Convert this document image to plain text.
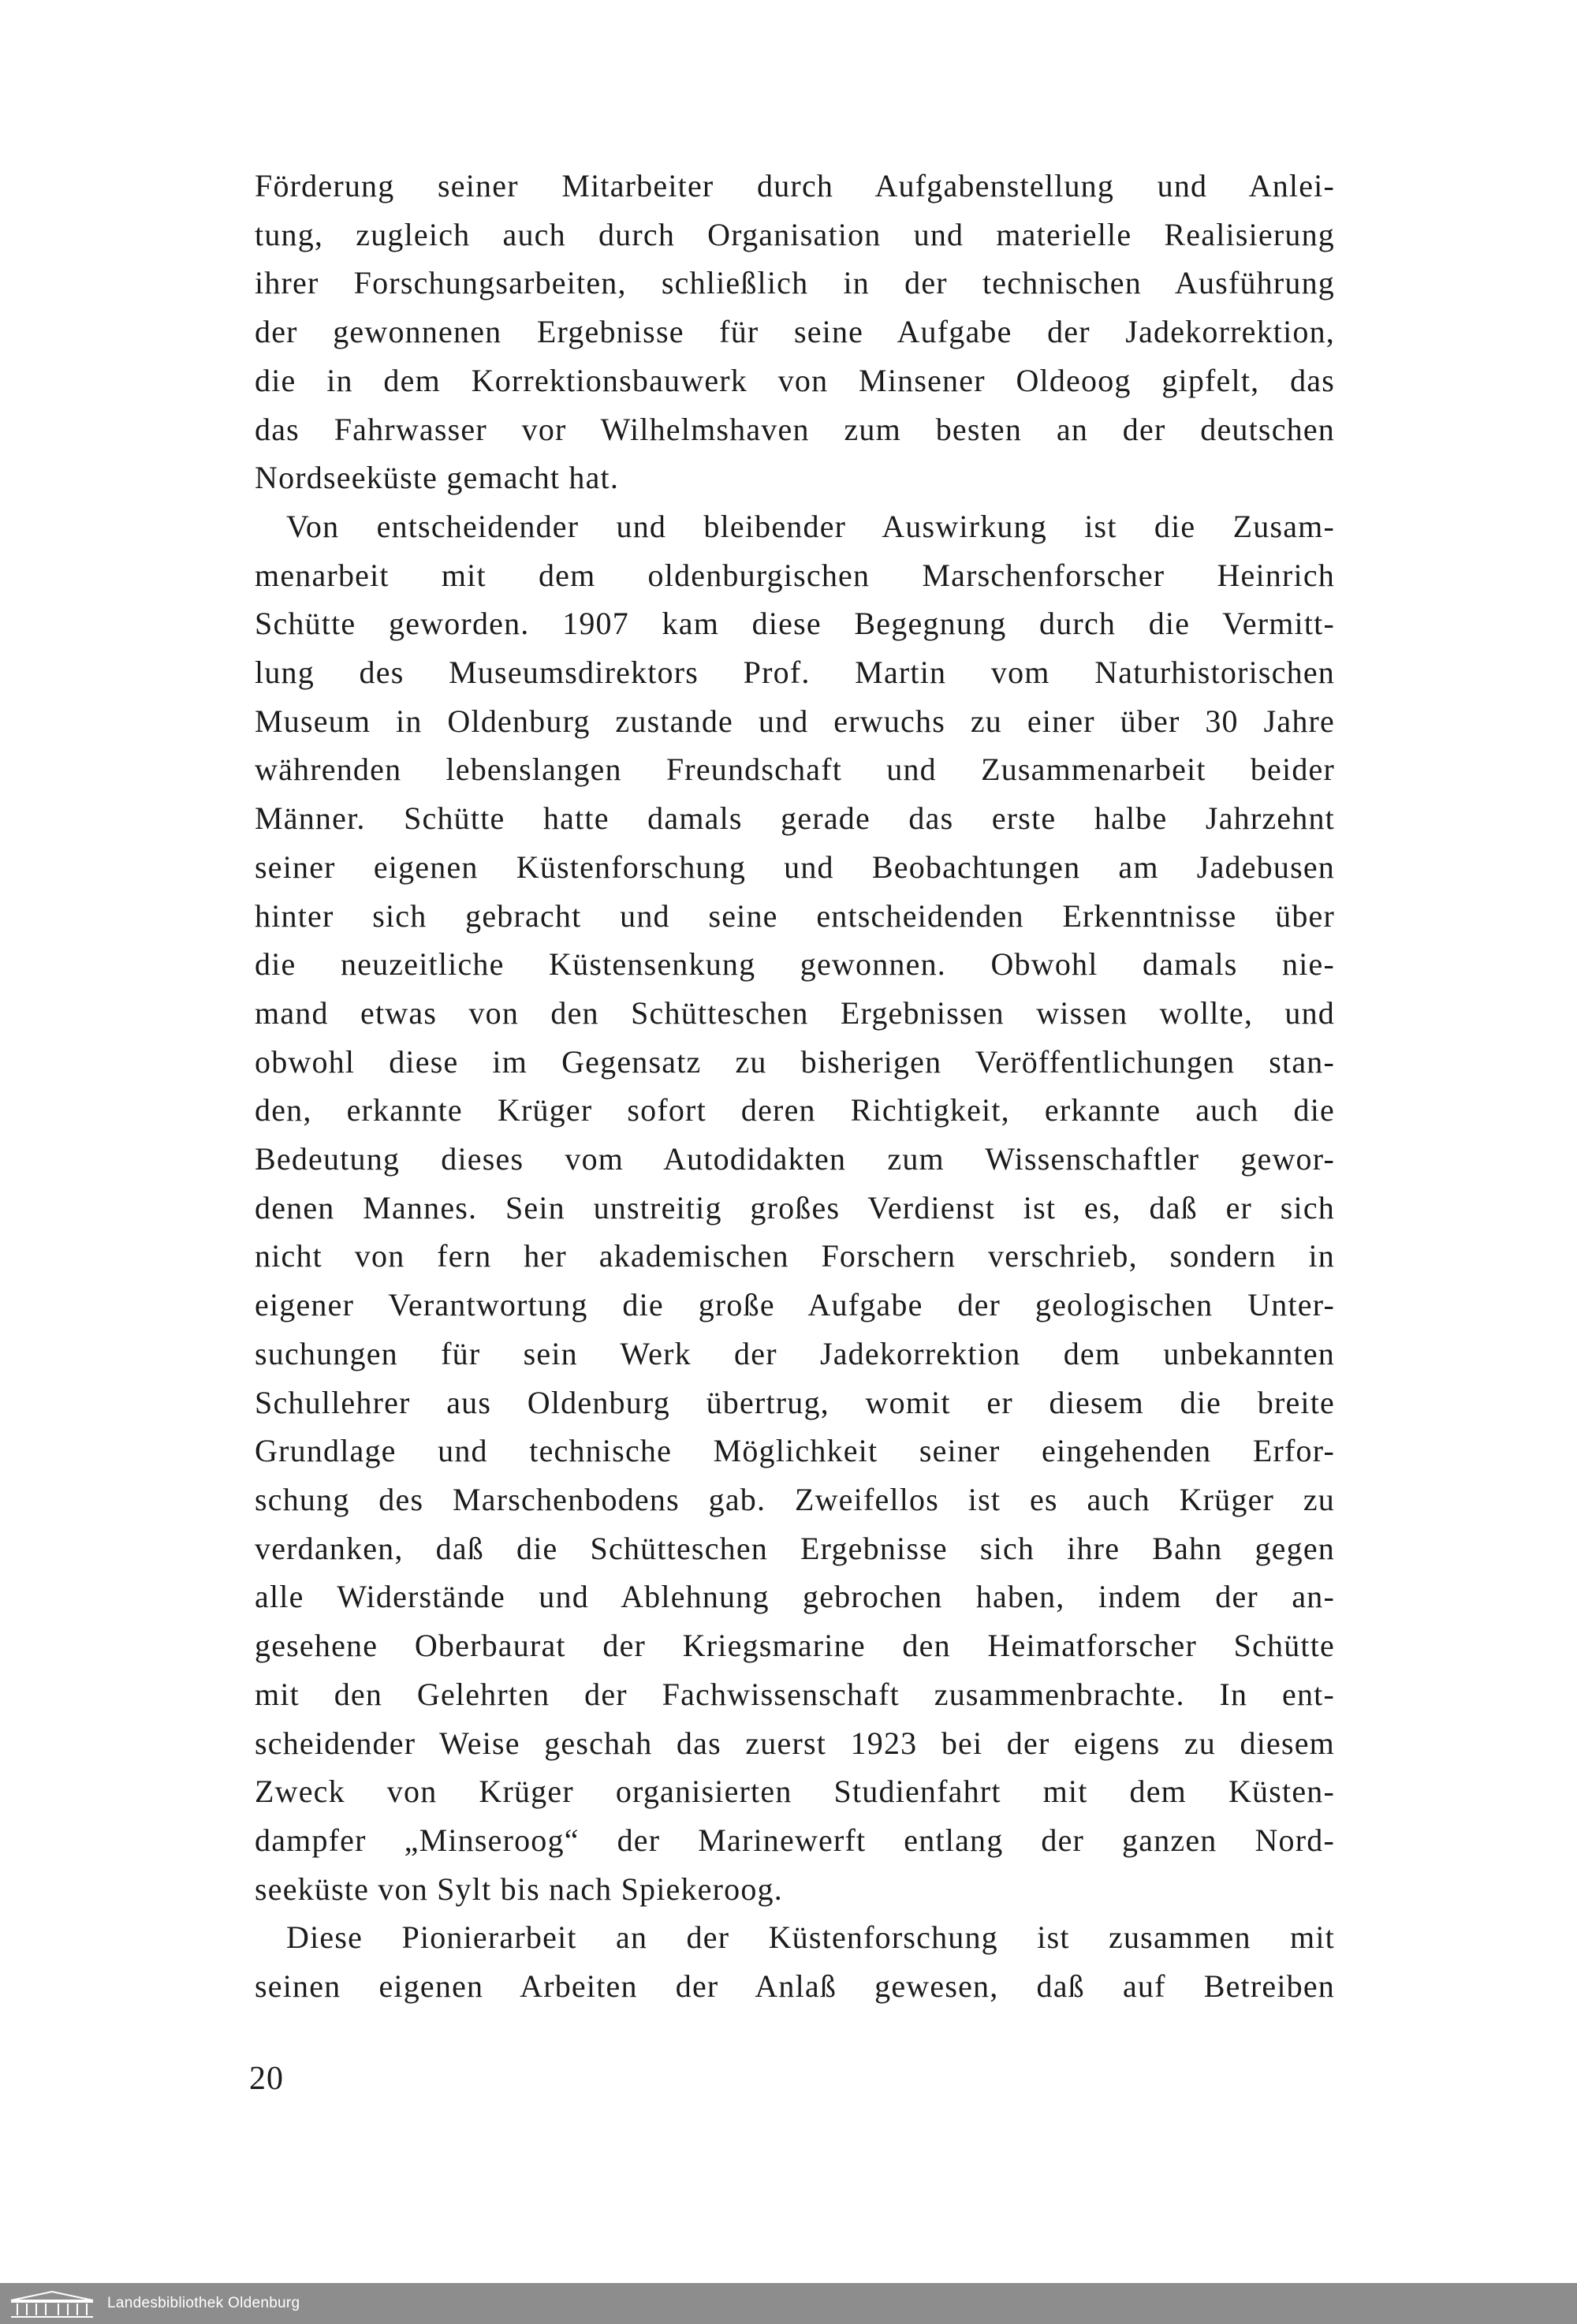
Förderung seiner Mitarbeiter durch Aufgabenstellung und Anlei-
tung, zugleich auch durch Organisation und materielle Realisierung
ihrer Forschungsarbeiten, schließlich in der technischen Ausführung
der gewonnenen Ergebnisse für seine Aufgabe der Jadekorrektion,
die in dem Korrektionsbauwerk von Minsener Oldeoog gipfelt, das
das Fahrwasser vor Wilhelmshaven zum besten an der deutschen
Nordseeküste gemacht hat.

Von entscheidender und bleibender Auswirkung ist die Zusam-
menarbeit mit dem oldenburgischen Marschenforscher Heinrich
Schütte geworden. 1907 kam diese Begegnung durch die Vermitt-
lung des Museumsdirektors Prof. Martin vom Naturhistorischen
Museum in Oldenburg zustande und erwuchs zu einer über 30 Jahre
währenden lebenslangen Freundschaft und Zusammenarbeit beider
Männer. Schütte hatte damals gerade das erste halbe Jahrzehnt
seiner eigenen Küstenforschung und Beobachtungen am Jadebusen
hinter sich gebracht und seine entscheidenden Erkenntnisse über
die neuzeitliche Küstensenkung gewonnen. Obwohl damals nie-
mand etwas von den Schütteschen Ergebnissen wissen wollte, und
obwohl diese im Gegensatz zu bisherigen Veröffentlichungen stan-
den, erkannte Krüger sofort deren Richtigkeit, erkannte auch die
Bedeutung dieses vom Autodidakten zum Wissenschaftler gewor-
denen Mannes. Sein unstreitig großes Verdienst ist es, daß er sich
nicht von fern her akademischen Forschern verschrieb, sondern in
eigener Verantwortung die große Aufgabe der geologischen Unter-
suchungen für sein Werk der Jadekorrektion dem unbekannten
Schullehrer aus Oldenburg übertrug, womit er diesem die breite
Grundlage und technische Möglichkeit seiner eingehenden Erfor-
schung des Marschenbodens gab. Zweifellos ist es auch Krüger zu
verdanken, daß die Schütteschen Ergebnisse sich ihre Bahn gegen
alle Widerstände und Ablehnung gebrochen haben, indem der an-
gesehene Oberbaurat der Kriegsmarine den Heimatforscher Schütte
mit den Gelehrten der Fachwissenschaft zusammenbrachte. In ent-
scheidender Weise geschah das zuerst 1923 bei der eigens zu diesem
Zweck von Krüger organisierten Studienfahrt mit dem Küsten-
dampfer „Minseroog“ der Marinewerft entlang der ganzen Nord-
seeküste von Sylt bis nach Spiekeroog.

Diese Pionierarbeit an der Küstenforschung ist zusammen mit
seinen eigenen Arbeiten der Anlaß gewesen, daß auf Betreiben

20
Landesbibliothek Oldenburg
